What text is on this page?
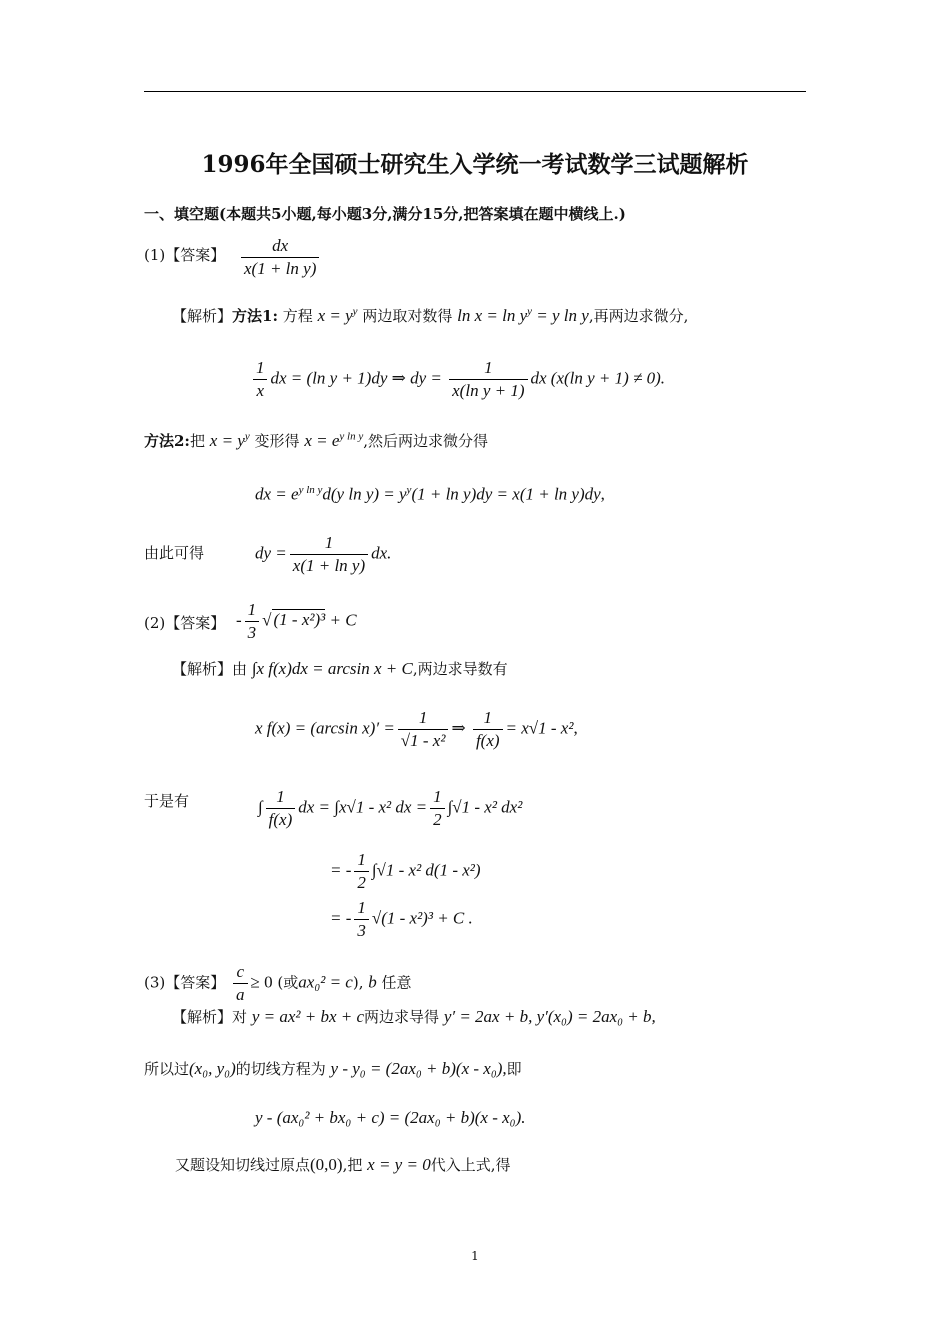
1996年全国硕士研究生入学统一考试数学三试题解析
一、填空题(本题共5小题,每小题3分,满分15分,把答案填在题中横线上.)
(1)【答案】 $\frac{dx}{\text{x(1 + ln y)}}$
【解析】方法1: 方程 $x = y^y$ 两边取对数得 $\ln x = \ln y^y = y$ ln y,再两边求微分,
$\frac{1}{x}$ dx = (ln y + 1)dy ⇒ dy = $\frac{1}{\text{x(ln y + 1)}}$ dx (x(ln y + 1) ≠ 0).
方法2:把 $x = y^y$ 变形得 $x = e^{y ln y}$,然后两边求微分得
dx = $e^{y ln y}d(y$ $\ln y) = y^y(1 + \ln y)dy = x(1 + \ln y)dy$,
由此可得	dy = $\frac{1}{\text{x(1 + ln y)}}$ dx.
(2)【答案】 - $\frac{1}{3}$ √ (1 - x²)³ + C
【解析】由 ∫x f(x)dx = arcsin x + C,两边求导数有
x f(x) = (arcsin $x)' = \frac{1}{\text{√1 - x²}}$ ⇒ $\frac{1}{f(x)} = x√1 - x^2$,
于是有	∫ $\frac{1}{f(x)}$ dx = ∫x√1 - x² dx = $\frac{1}{2} \int√1 - x^2$ dx²
= - $\frac{1}{2} \int√1 - x^2$ d(1 - x²)
= - $\frac{1}{3} √(1 - x^2)^3 + C$ .
(3)【答案】 $\frac{c}{a} \ge 0$ (或ax₀² = c), b 任意
【解析】对 y = ax² + bx + c两边求导得 y′ = 2ax + b, y′(x₀) = 2ax₀ + b,
所以过(x₀, y₀)的切线方程为 y - y₀ = (2ax₀ + b)(x - x₀),即
y - (ax₀² + bx₀ + c) = (2ax₀ + b)(x - x₀).
又题设知切线过原点(0,0),把 x = y = 0代入上式,得
1
